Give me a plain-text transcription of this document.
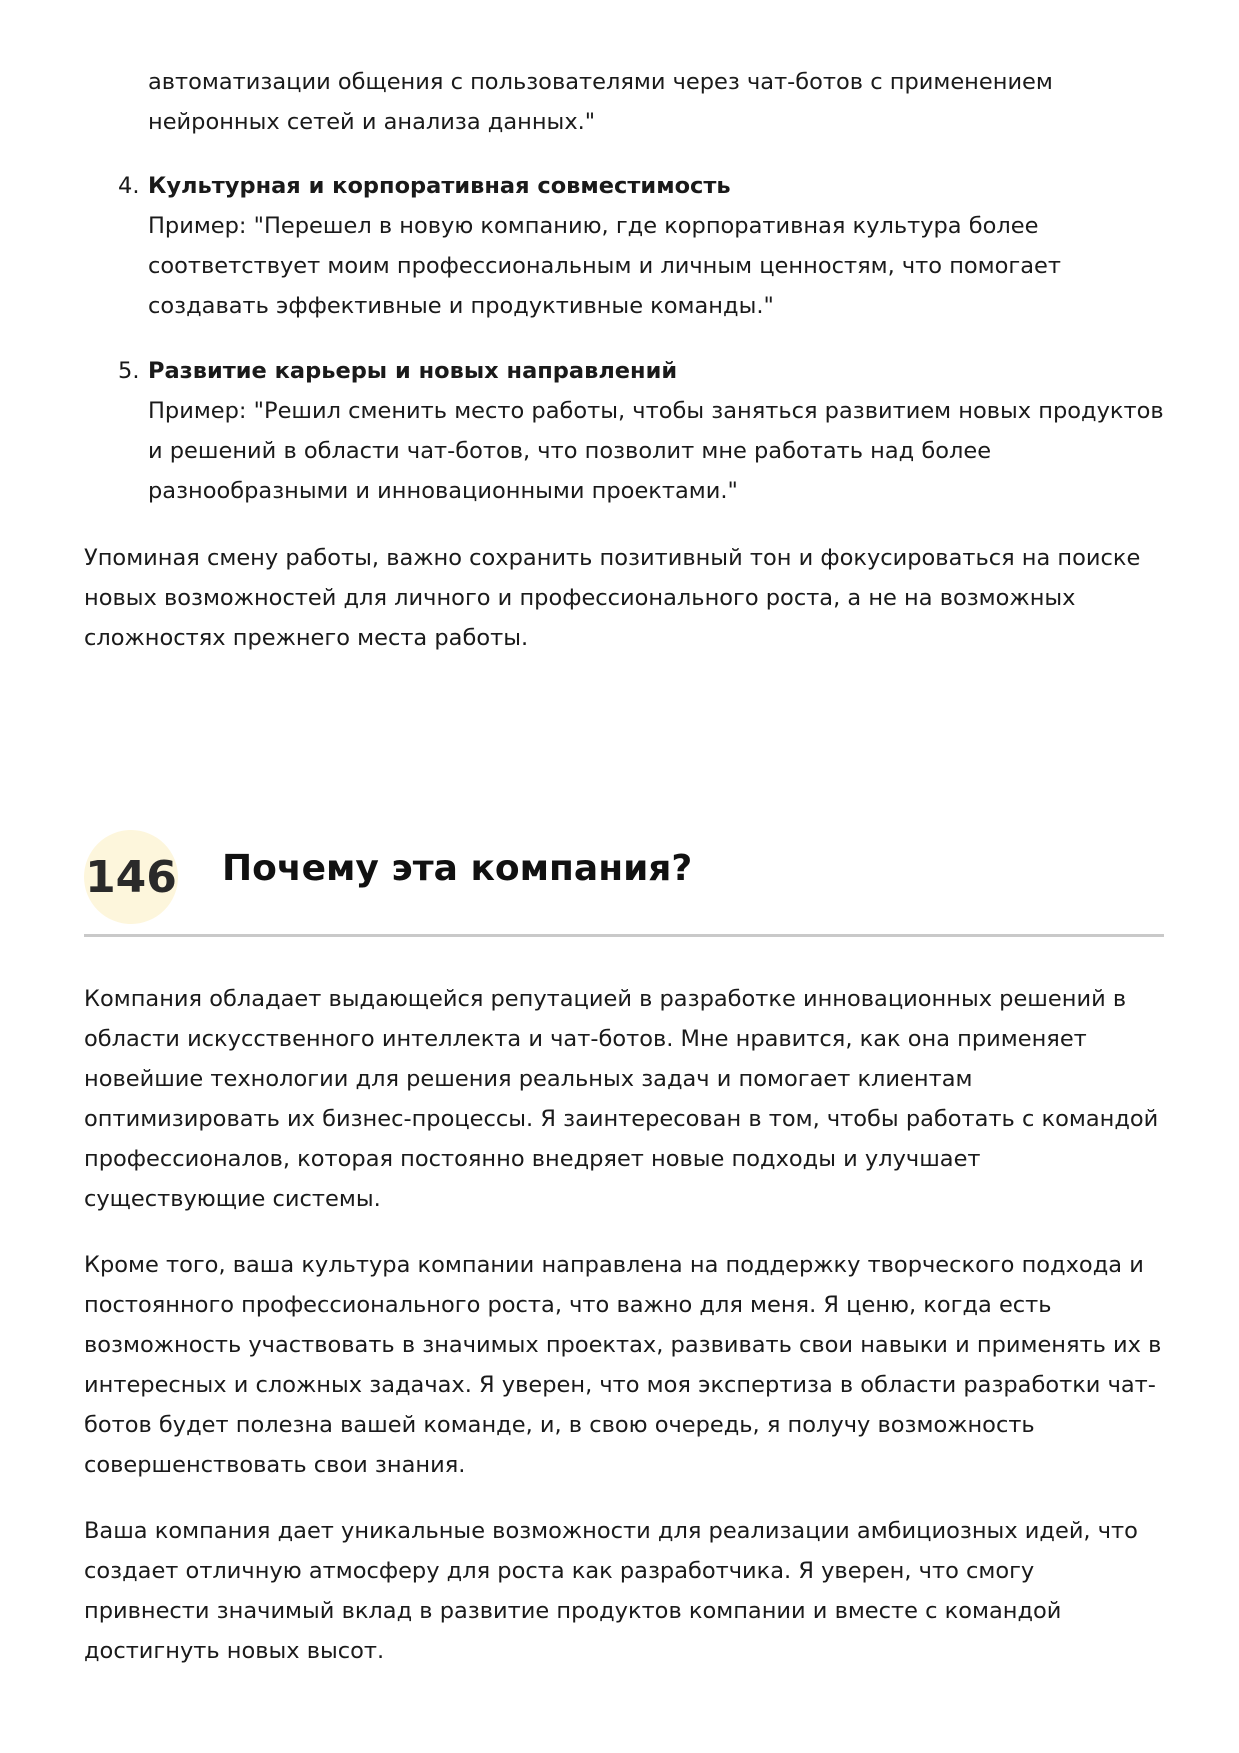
автоматизации общения с пользователями через чат-ботов с применением нейронных сетей и анализа данных."

4. Культурная и корпоративная совместимость
Пример: "Перешел в новую компанию, где корпоративная культура более соответствует моим профессиональным и личным ценностям, что помогает создавать эффективные и продуктивные команды."
5. Развитие карьеры и новых направлений
Пример: "Решил сменить место работы, чтобы заняться развитием новых продуктов и решений в области чат-ботов, что позволит мне работать над более разнообразными и инновационными проектами."

Упоминая смену работы, важно сохранить позитивный тон и фокусироваться на поиске новых возможностей для личного и профессионального роста, а не на возможных сложностях прежнего места работы.

146 Почему эта компания?

Компания обладает выдающейся репутацией в разработке инновационных решений в области искусственного интеллекта и чат-ботов. Мне нравится, как она применяет новейшие технологии для решения реальных задач и помогает клиентам оптимизировать их бизнес-процессы. Я заинтересован в том, чтобы работать с командой профессионалов, которая постоянно внедряет новые подходы и улучшает существующие системы.

Кроме того, ваша культура компании направлена на поддержку творческого подхода и постоянного профессионального роста, что важно для меня. Я ценю, когда есть возможность участвовать в значимых проектах, развивать свои навыки и применять их в интересных и сложных задачах. Я уверен, что моя экспертиза в области разработки чат-ботов будет полезна вашей команде, и, в свою очередь, я получу возможность совершенствовать свои знания.

Ваша компания дает уникальные возможности для реализации амбициозных идей, что создает отличную атмосферу для роста как разработчика. Я уверен, что смогу привнести значимый вклад в развитие продуктов компании и вместе с командой достигнуть новых высот.
